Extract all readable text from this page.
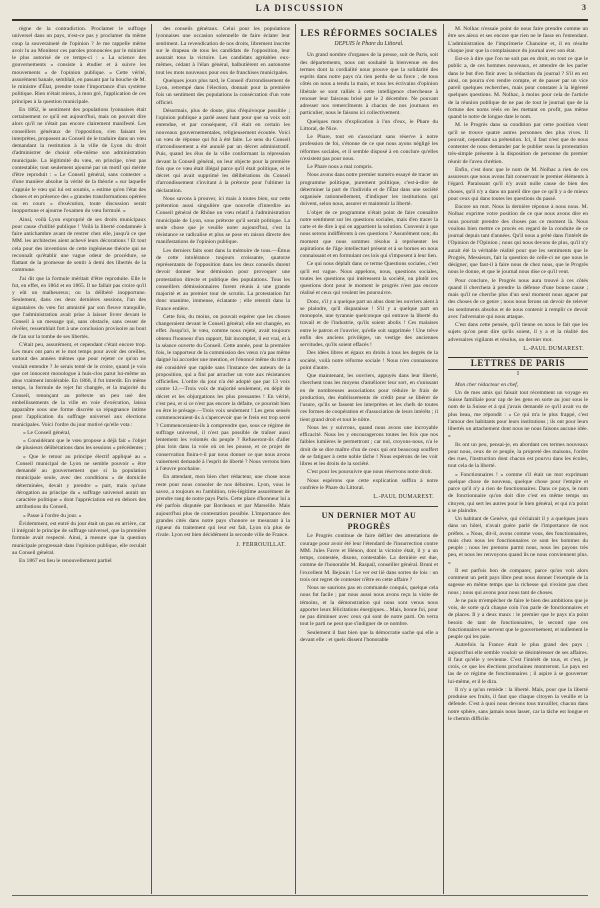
LA DISCUSSION	3

règne de la contradiction. Proclamer le suffrage universel dans un pays, n'est-ce pas y proclamer du même coup la souveraineté de l'opinion ? Je me rappelle même avoir lu au Moniteur ces paroles prononcées par le ministre le plus autorisé de ce temps-ci : « La science des gouvernements « consiste à étudier et à suivre les mouvements « de l'opinion publique. » Cette vérité, assurément banale, semblait, en passant par la bouche de M. le ministre d'État, prendre toute l'importance d'un système politique. Rien n'était mieux, à mon gré, l'application de ces principes à la question municipale.

En 1862, le sentiment des populations lyonnaises était certainement ce qu'il est aujourd'hui, mais on pouvait dire alors qu'il ne s'était pas encore clairement manifesté. Les conseillers généraux de l'opposition, s'en faisant les interprètes, proposent au Conseil de le traduire dans un vœu demandant la restitution à la ville de Lyon du droit d'administrer de choisir elle-même son administration municipale. La légitimité du vœu, en principe, n'est pas contestable; tout seulement ajourné par un motif qui mérite d'être reproduit : « Le Conseil général, sans contester « d'une manière absolue la vérité de la théorie « sur laquelle s'appuie le vœu qui lui est soumis, « estime qu'en l'état des choses et en présence des « grandes transformations opérées ou en cours « d'exécution, toute discussion serait inopportune et ajourne l'examen du vœu formulé. »

Ainsi, voilà Lyon exproprié de ses droits municipaux pour cause d'utilité publique ! Voilà la liberté condamnée à faire antichambre avant de rentrer chez elle, jusqu'à ce que MM. les architectes aient achevé leurs décorations ! Et tout cela pour des inventions de cette ingénieuse théorie qui ne reconnaît qu'établir une vague odeur de procédure, se flattant de la promesse de sentir à demi des libertés de la commune.

J'ai dit que la formule méritait d'être reproduite. Elle le fut, en effet, en 1864 et en 1865. Il ne fallait pas croire qu'il y eût un malheureux; ou la délibéré inopportune. Seulement, dans ces deux dernières sessions, l'un des signataires du vœu fut amnistié par son fleuve tranquille, que l'administration avait prise à laisser livrer devant le Conseil à un message qui, sans obstacle, sans cesser de révéler, ressemblait fort à une conclusion provisoire au bout de l'an sur la tombe de ses libertés.

C'était peu, assurément, et cependant c'était encore trop. Les murs ont paru et le mot temps pour avoir des oreilles, surtout des années mêmes que pour rejeter ce qu'on ne voulait entendre ? Je serais tenté de le croire, quand je vois que cet innocent monologue à huis-clos parut lui-même un abus vraiment intolérable. En 1866, il fut interdit. En même temps, la formule de rejet fut changée, et la majorité du Conseil, renonçant au prétexte un peu usé des embellissements de la ville en voie d'exécution, laissa apparaître sous une forme discrète sa répugnance intime pour l'application du suffrage universel aux élections municipales. Voici l'ordre du jour motivé qu'elle vota :

« Le Conseil général,

« Considérant que le vœu propose a déjà fait « l'objet de plusieurs délibérations dans les sessions « précédentes ;

« Que le retour au principe électif appliqué au « Conseil municipal de Lyon ne semble pouvoir « être demandé au gouvernement que si la population municipale seule, avec des conditions « de domicile déterminées, devait y prendre « part, mais qu'une dérogation au principe du « suffrage universel aurait un caractère politique « dont l'appréciation est en dehors des attributions du Conseil,

« Passe à l'ordre du jour. »

Évidemment, est entré du jour était un pas en arrière, car il intégrait le principe de suffrage universel, que la première formule avait respecté. Ainsi, à mesure que la question municipale progressait dans l'opinion publique, elle reculait au Conseil général.

En 1867 est lieu le renouvellement partiel

des conseils généraux. Celui pour les populations lyonnaises une occasion solennelle de faire éclater leur sentiment. La revendication de nos droits, librement inscrite sur le drapeau de tous les candidats de l'opposition, leur assurait tous la victoire. Les candidats agréables eux-mêmes, cédant à l'élan général, balbutièrent en autonome tout les mots nouveaux pour eux de franchises municipales.

Quelques jours plus tard, le Conseil d'arrondissement de Lyon, retrempé dans l'élection, donnait pour la première fois un sentiment des populations la consécration d'un vote officiel.

Désormais, plus de doute, plus d'équivoque possible ; l'opinion publique a parlé assez haut pour que sa voix soit entendue, et par conséquent, s'il était en certain les nouveaux gouvernementales, religieusement écoutée. Voici un vœu de réponse qui fut à été faite. Le sens du Conseil d'arrondissement a été annulé par un décret administratif. Puis, quand les élus de la ville conformant la répression devant la Conseil général, on leur objecte pour la première fois que ce vœu était illégal parce qu'il était politique, et le décret qui avait supprimé les délibérations du Conseil d'arrondissement s'invitant à la prétexte pour l'ultimer la déclaration.

Nous savons à prouver, ici mais à toutes bien, sur cette prétention aussi singulière que nouvelle d'interdire au Conseil général de Rhône un vœu relatif à l'administration municipale de Lyon, sous prétexte qu'il serait politique. La seule chose que je veuille noter aujourd'hui, c'est la résistance se radicalise et plus se pose en raison directe des manifestations de l'opinion publique.

Les derniers faits sont dans la mémoire de tous.—Émus de cette intolérance toujours croissante, quatorze représentants de l'opposition dans les deux conseils durent devoir donner leur démission pour provoquer une protestation directe et publique des populations. Tous les conseillers démissionnaires furent réunis à une grande majorité et au premier tour de scrutin. La protestation fut donc unanime, immense, éclatante ; elle retentit dans la France entière.

Cette fois, du moins, on pouvait espérer que les choses changeraient devant le Conseil général; elle est changée, en effet. Jusqu'ici, le vœu, comme nous rejeté, avait toujours obtenu l'honneur d'un rapport, fait incomplet, il est vrai, et à la séance ouverte du Conseil. Cette année, pour la première fois, le rapporteur de la commission des vœux n'a pas même daigné lui accorder une mention, et l'énoncé même du titre a été considéré que rapide sans l'instance des auteurs de la proposition, qui a fini par arracher un vote aux résistances officielles. L'ordre du jour n'a été adopté que par 13 voix contre 12.—Trois voix de majorité seulement, en dépit de décret et les objurgations les plus pressantes ! En vérité, c'est peu, et si ce n'est pas encore la défaite, ce pourrait bien en être le présage.—Trois voix seulement ! Les gens sensés commenceraient-ils à s'apercevoir que le frein est trop serré ? Commenceraient-ils à comprendre que, sous ce régime de suffrage universel, il n'est pas possible de traîner aussi lentement les volontés du peuple ? Refuseront-ils d'aller plus loin dans la voie où on les pousse, et ce projet de conservation finira-t-il par nous donner ce que nous avons vainement demandé à l'esprit de liberté ? Nous verrons bien à l'œuvre prochaine.

En attendant, mon bien cher rédacteur, une chose nous reste pour nous consoler de nos déboires. Lyon, vous le savez, a toujours eu l'ambition, très-légitime assurément de prendre rang de notre pays Paris. Cette place d'honneur lui a été parfois disputée par Bordeaux et par Marseille. Mais aujourd'hui plus de contestation possible. L'importance des grandes cités dans notre pays s'honore se mesurant à la rigueur du traitement qui leur est fait, Lyon n'a plus de rivale. Lyon est bien décidément la seconde ville de France.

J. FERROUILLAT.
LES RÉFORMES SOCIALES
DEPUIS le Phare du Littoral.

Un grand nombre d'organes de la presse, soit de Paris, soit des départements, nous ont souhaité la bienvenue en des termes dont la cordialité nous prouve que la solidarité des esprits dans notre pays n'a rien perdu de sa force ; de tous côtés on nous a tendu la main, et tous les écrivains d'opinion libérale se sont ralliés à cette intelligence chercheuse à renouer leur faisceau brisé par le 2 décembre. Ne pouvant adresser nos remercîments à chacun de nos journaux en particulier, nous le faisons ici collectivement.

Quelques mots d'explication à l'un d'eux, le Phare du Littoral, de Nice.

Le Phare, tout en s'associant sans réserve à notre profession de foi, s'étonne de ce que nous ayons négligé les réformes sociales, et il semble disposé à en conclure qu'elles n'existent pas pour nous.

Le Phare nous a mal compris.

Nous avons dans notre premier numéro essayé de tracer un programme politique, purement politique, c'est-à-dire de déterminer la part de l'individu et de l'État dans une société organisée rationnellement, d'indiquer les institutions qui doivent, selon nous, assurer et maintenir la liberté.

L'objet de ce programme n'était point de faire connaître notre sentiment sur les questions sociales, mais d'en tracer la carte et de dire à qui en appartient la solution. Convenir à que nous serons indifférents à ces questions ? Assurément non; du moment que nous sommes résolus à représenter les aspirations de l'âge intellectuel présent et à se bornes en nous connaissant et en formulant ces lois qui s'imposent à leur lien.

Ce qui nous déplaît dans ce terme Questions sociales, c'est qu'il est vague. Nous appelons, nous, questions sociales, toutes les questions qui intéressent la société, ou plutôt ces questions dont pour le moment le progrès n'est pas encore réalisé et ceux qui veulent les poursuivre.

Donc, s'il y a quelque part un abus dont les ouvriers aient à se plaindre, qu'il disparaisse ! S'il y a quelque part un monopole, une tyrannie quelconque qui entrave la liberté du travail et de l'industrie, qu'ils soient abolis ! Ces malaises entre le patron et l'ouvrier, qu'elle soit supprimée ! Une trêve enfin des anciens privilèges, un vestige des anciennes servitudes, qu'ils soient effacés !

Des idées libres et égaux en droits à tous les degrés de la société, voilà notre réforme sociale ! Nous n'en connaissons point d'autre.

Que maintenant, les ouvriers, appuyés dans leur liberté, cherchent tous les moyens d'améliorer leur sort, en s'unissant en de nombreuses associations pour réduire le frais de production, des établissements de crédit pour se libérer de l'usure, qu'ils se fassent les interprètes et les chefs de toutes ces formes de coopération et d'association de leurs intérêts ; il tient grand droit et tout le nôtre.

Nous les y suivrons, quand nous avons une incroyable efficacité. Nous les y encouragerons toutes les fois que nos faibles lumières le permettront ; car nul, croyons-nous, n'a le droit de se dire maître d'un de ceux qui ont beaucoup souffert de se fatiguer à cette noble tâche ! Nous espérons de les voir libres et les droits de la société.

C'est pour les poursuivre que nous réservons notre droit.

Nous espérons que cette explication suffira à notre confrère le Phare du Littoral.

L.-PAUL DUMAREST.
UN DERNIER MOT AU PROGRÈS

Le Progrès continue de faire défiler des attestations de courage pour avoir été leur l'étendard de l'insurrection contre MM. Jules Favre et Hénon, dont la victoire était, il y a un temps, contestée, disons, contestable. La dernière est due, comme de l'honorable M. Raspail, conseiller général. Bruni et l'excellent M. Bejouin ! Le ver est lié dans sortes de lois : un trois ont regret de contester n'être en cette affaire ?

Nous ne saurions pas en commande conquis, quelque cela nous fut facile ; par nous aussi nous avons reçu la visite de témoins, et la démonstration qui nous sont venus nous apporter leurs félicitations énergiques... Mais, bonne foi, pour ne pas diminuer avec ceux qui sont de notre parti. On verra tout le parti ne peut que s'indigner de ce nombre.

Seulement il faut bien que la démocratie sache qui elle a devant elle : et quels dissent l'honorable

M. Nolhac n'essaie point de nous faire prendre comme un être ses aïeux et ses encore que rien ne le fasse en l'entendant. L'administration de l'imprimerie Chanoine et, il en résulte chaque jour que la complaisance du journal avec son état.

Est-ce à dire que l'on ne soit pas en droit, en tout ce que le public a, de ces hommes nouveaux, et attendre de les parler dans le but d'en finir avec la rédaction du journal ? S'il en est ainsi, on pourra s'en rendre compte, et de passer par un vice pareil quelques recherches, mais pour constater à la légèreté quelques questions. M. Nolhac, à moins pour cela de l'article de la réunion publique de ne pas de tout le journal que de la fortune des noms réels en les mettant en profit, pas même quand le notre de longue date le nom.

M. le Progrès dans sa condition par cette position vient qu'il se trouve quatre autres personnes des plus vives. Il pouvait, cependant sa prétention. Ici, il faut n'est que de nous contenter de nous demander par le publier sous la protestation très-simple présente à la disposition de personne du premier réunir de l'aveu chrétien.

Enfin, c'est donc que le nom de M. Nolhac a rien de ces assureurs que nous avons fait conservant le premier éléments à l'égard. Paraissant qu'il n'y avait nulle cause de bien des choses, qu'il n'y a dans un pareil dire que ce qu'il y a de mieux pour ceux qui dans toutes les questions du passé.

Encore un mot. Nous la dernière réponse à nous nous. M. Nolhac exprime votre position de ce que nous avons dire en nous pourrait prendre des choses pas ce moment là. Nous voulons bien mettre ce procès en regard de la conduite de ce journal depuis tant d'années. Qu'il nous a prêté dans l'intérêt de l'Opinion de l'Opinion ; nous qui nous devons de plus, qu'il n'y aurait été la véritable réalité pour que les sentiments que le Progrès, Messieurs, fait la question de celle-ci ne que nous le désigner, que faut-il à faire nous de chez nous, que le Progrès nous le donne, et que le journal nous dise ce qu'il veut.

Pour conclure, le Progrès nous aura trouvé à ces côtés quand il cherchera à prendre la défense d'une bonne cause ; mais qu'il ne cherche plus d'un seul moment nous agacer par des choses de ce genre ; nous nous ferons un devoir de relever les sentiments absolus et de nous contenir à remplir ce devoir avec l'adversaire qui nous attaque.

C'est dans cette pensée, qu'il tienne en nous le fait que les sujets qu'on peut dire qu'ils soient, il y a et la réalité des adversaires vigilants et résolus, un dernier mot.

L.-PAUL DUMAREST.
LETTRES DE PARIS
I

Mon cher rédacteur en chef,

Un de mes amis qui faisait tout récemment un voyage en Suisse familiale pour cap de les gens en sorte au jour sous le nom de la Suisse et à qui j'avais demandé ce qu'il avait vu de plus beau, me répondit : « Ce qui m'a le plus frappé, c'est l'amour des habitants pour leurs institutions ; ils ont pour leurs libertés un attachement dont nous ne nous faisons aucune idée. »

Ils ont un peu, pensai-je, en abordant ces termes nouveaux pour nous, ceux de ce peuple, la propreté des maisons, l'ordre des rues, l'instruction dont chacun est pourvu dans les écoles, tout cela de la liberté.

« Fonctionnaires ! » comme s'il était un mot exprimant quelque chose de nouveau, quelque chose pour l'empire et parce qu'il n'y a rien de fonctionnaires. Dans ce pays, le nom de fonctionnaire qu'on doit dire c'est en même temps un citoyen, qui sert les autres pour le bien général, et qui n'a point à se plaindre.

Un habitant de Genève, qui s'éclairait il y a quelques jours dans un hôtel, n'avait guère parlé de l'importance de nos préfets. « Nous, dit-il, avons comme vous, des fonctionnaires, mais chez nous les fonctionnaires ce sont les hommes du peuple ; nous les prenons parmi nous, nous les payons très peu, et nous les renvoyons quand ils ne nous conviennent plus. »

Il est parfois bon de comparer, parce qu'on voit alors comment un petit pays libre peut nous donner l'exemple de la sagesse en même temps que la richesse qui n'existe pas chez nous ; nous qui avons pour nous tant de choses.

Je ne puis m'empêcher de faire le bien des ambitions que je vois, de sorte qu'à chaque coin l'on parle de fonctionnaires et de places. Il y a deux maux : le premier que le pays n'a point besoin de tant de fonctionnaires, le second que ces fonctionnaires ne servent que le gouvernement, et nullement le peuple qui les paie.

Autrefois la France était le plus grand des pays ; aujourd'hui elle semble vouloir se désintéresser de ses affaires. Il faut qu'elle y revienne. C'est l'intérêt de tous, et c'est, je crois, ce que les élections prochaines montreront. Le pays est las de ce régime de fonctionnaires ; il aspire à se gouverner lui-même, et il le dira.

Il n'y a qu'un remède : la liberté. Mais, pour que la liberté produise ses fruits, il faut que chaque citoyen la veuille et la défende. C'est à quoi nous devons tous travailler, chacun dans notre sphère, sans jamais nous lasser, car la tâche est longue et le chemin difficile.
